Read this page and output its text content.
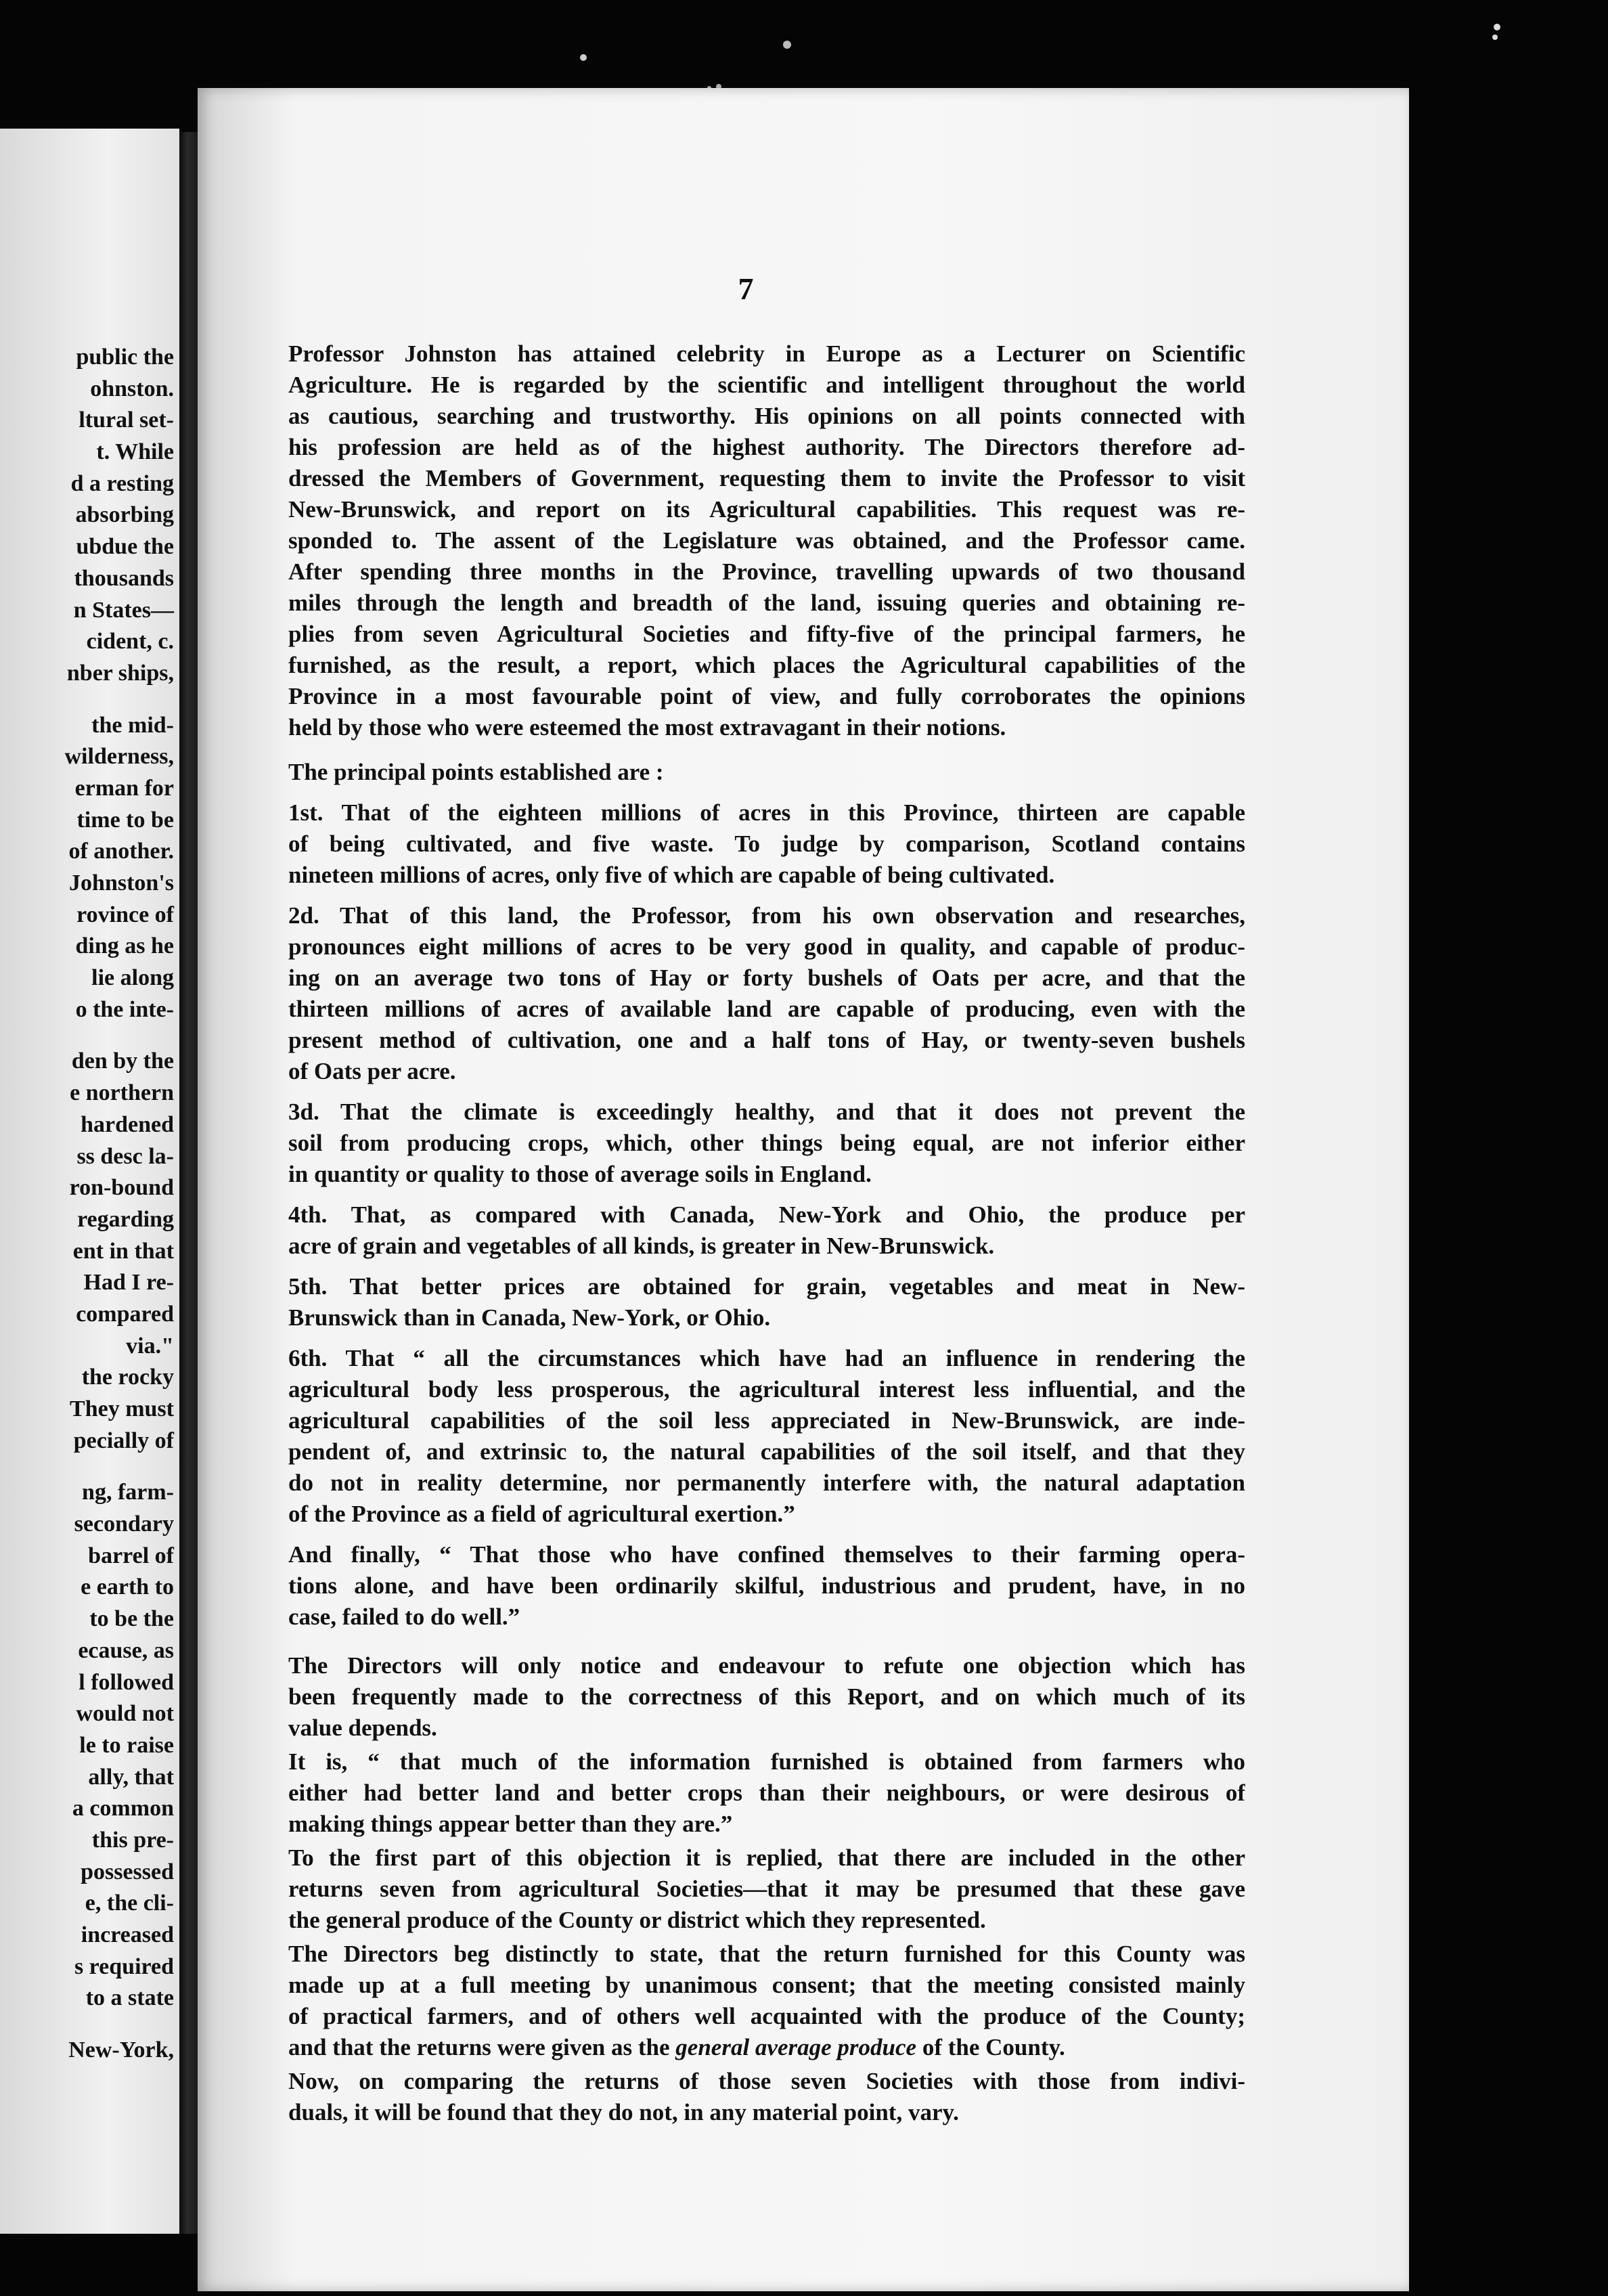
public the
ohnston.
ltural set-
t. While
d a resting
absorbing
ubdue the
thousands
n States—
cident, c.
nber ships,
the mid-
wilderness,
erman for
time to be
of another.
Johnston's
rovince of
ding as he
lie along
o the inte-
den by the
e northern
hardened
ss desc la-
ron-bound
regarding
ent in that
Had I re-
compared
via."
the rocky
They must
pecially of
ng, farm-
secondary
barrel of
e earth to
to be the
ecause, as
l followed
would not
le to raise
ally, that
a common
this pre-
possessed
e, the cli-
increased
s required
to a state
New-York,
7
Professor Johnston has attained celebrity in Europe as a Lecturer on Scientific
Agriculture. He is regarded by the scientific and intelligent throughout the world
as cautious, searching and trustworthy. His opinions on all points connected with
his profession are held as of the highest authority. The Directors therefore ad-
dressed the Members of Government, requesting them to invite the Professor to visit
New-Brunswick, and report on its Agricultural capabilities. This request was re-
sponded to. The assent of the Legislature was obtained, and the Professor came.
After spending three months in the Province, travelling upwards of two thousand
miles through the length and breadth of the land, issuing queries and obtaining re-
plies from seven Agricultural Societies and fifty-five of the principal farmers, he
furnished, as the result, a report, which places the Agricultural capabilities of the
Province in a most favourable point of view, and fully corroborates the opinions
held by those who were esteemed the most extravagant in their notions.
The principal points established are :
1st. That of the eighteen millions of acres in this Province, thirteen are capable
of being cultivated, and five waste. To judge by comparison, Scotland contains
nineteen millions of acres, only five of which are capable of being cultivated.
2d. That of this land, the Professor, from his own observation and researches,
pronounces eight millions of acres to be very good in quality, and capable of produc-
ing on an average two tons of Hay or forty bushels of Oats per acre, and that the
thirteen millions of acres of available land are capable of producing, even with the
present method of cultivation, one and a half tons of Hay, or twenty-seven bushels
of Oats per acre.
3d. That the climate is exceedingly healthy, and that it does not prevent the
soil from producing crops, which, other things being equal, are not inferior either
in quantity or quality to those of average soils in England.
4th. That, as compared with Canada, New-York and Ohio, the produce per
acre of grain and vegetables of all kinds, is greater in New-Brunswick.
5th. That better prices are obtained for grain, vegetables and meat in New-
Brunswick than in Canada, New-York, or Ohio.
6th. That “ all the circumstances which have had an influence in rendering the
agricultural body less prosperous, the agricultural interest less influential, and the
agricultural capabilities of the soil less appreciated in New-Brunswick, are inde-
pendent of, and extrinsic to, the natural capabilities of the soil itself, and that they
do not in reality determine, nor permanently interfere with, the natural adaptation
of the Province as a field of agricultural exertion.”
And finally, “ That those who have confined themselves to their farming opera-
tions alone, and have been ordinarily skilful, industrious and prudent, have, in no
case, failed to do well.”
The Directors will only notice and endeavour to refute one objection which has
been frequently made to the correctness of this Report, and on which much of its
value depends.
It is, “ that much of the information furnished is obtained from farmers who
either had better land and better crops than their neighbours, or were desirous of
making things appear better than they are.”
To the first part of this objection it is replied, that there are included in the other
returns seven from agricultural Societies—that it may be presumed that these gave
the general produce of the County or district which they represented.
The Directors beg distinctly to state, that the return furnished for this County was
made up at a full meeting by unanimous consent; that the meeting consisted mainly
of practical farmers, and of others well acquainted with the produce of the County;
and that the returns were given as the general average produce of the County.
Now, on comparing the returns of those seven Societies with those from indivi-
duals, it will be found that they do not, in any material point, vary.
